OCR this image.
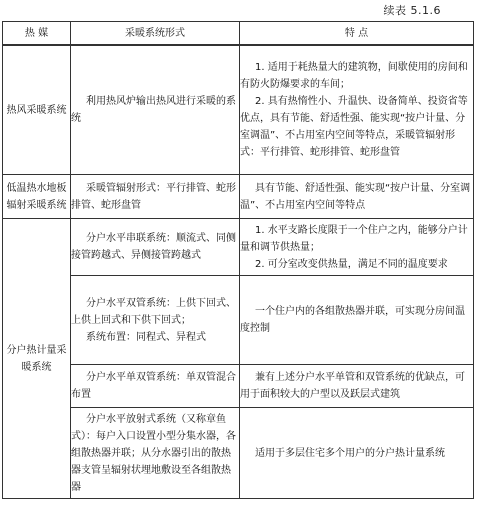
续表 5.1.6
热 媒	采暖系统形式	特 点
热风采暖系统	利用热风炉输出热风进行采暖的系统	1. 适用于耗热量大的建筑物，间歇使用的房间和有防火防爆要求的车间；

2. 具有热惰性小、升温快、设备简单、投资省等优点，具有节能、舒适性强、能实现“按户计量、分室调温”、不占用室内空间等特点，采暖管辐射形式：平行排管、蛇形排管、蛇形盘管

低温热水地板辐射采暖系统	采暖管辐射形式：平行排管、蛇形排管、蛇形盘管	具有节能、舒适性强、能实现“按户计量、分室调温”、不占用室内空间等特点

分户热计量采暖系统	分户水平串联系统：顺流式、同侧接管跨越式、异侧接管跨越式	1. 水平支路长度限于一个住户之内，能够分户计量和调节供热量；

2. 可分室改变供热量，满足不同的温度要求

	分户水平双管系统：上供下回式、上供上回式和下供下回式；
系统布置：同程式、异程式	一个住户内的各组散热器并联，可实现分房间温度控制

	分户水平单双管系统：单双管混合布置	兼有上述分户水平单管和双管系统的优缺点，可用于面积较大的户型以及跃层式建筑

	分户水平放射式系统（又称章鱼式）：每户入口设置小型分集水器，各组散热器并联；从分水器引出的散热器支管呈辐射状埋地敷设至各组散热器	适用于多层住宅多个用户的分户热计量系统
